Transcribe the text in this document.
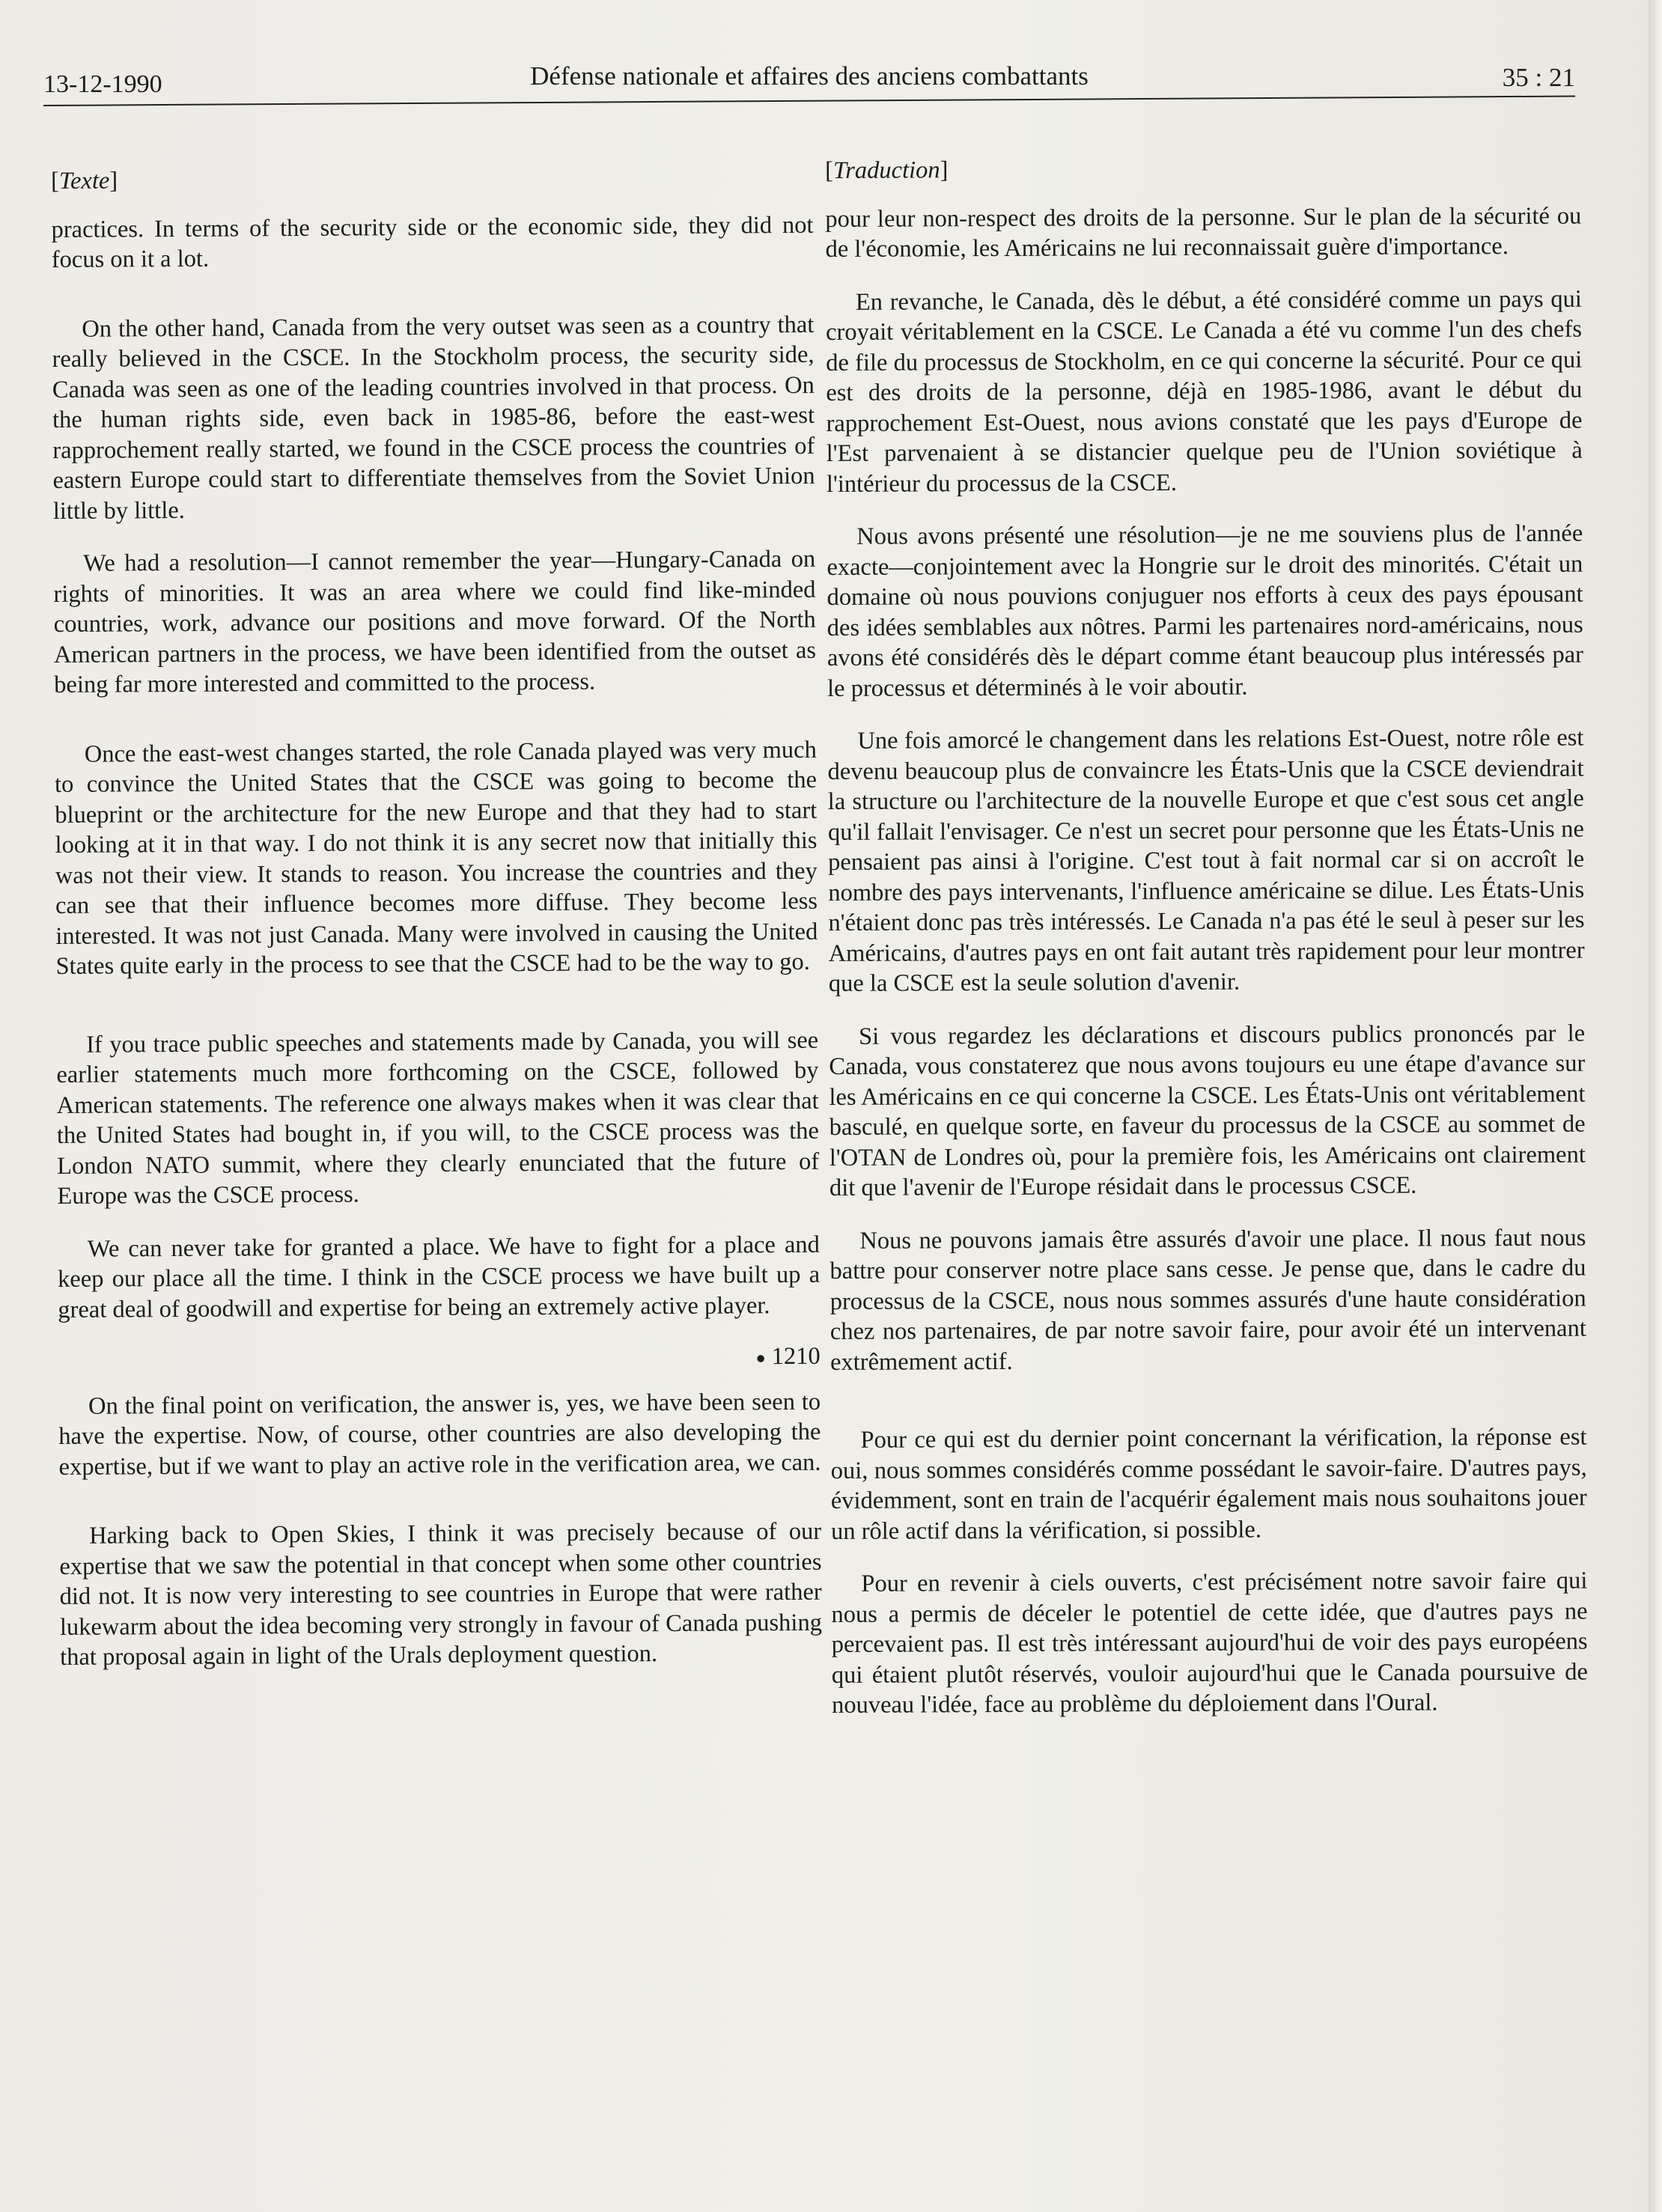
13-12-1990	Défense nationale et affaires des anciens combattants	35 : 21
[Texte]

practices. In terms of the security side or the economic side, they did not focus on it a lot.

On the other hand, Canada from the very outset was seen as a country that really believed in the CSCE. In the Stockholm process, the security side, Canada was seen as one of the leading countries involved in that process. On the human rights side, even back in 1985-86, before the east-west rapprochement really started, we found in the CSCE process the countries of eastern Europe could start to differentiate themselves from the Soviet Union little by little.

We had a resolution—I cannot remember the year—Hungary-Canada on rights of minorities. It was an area where we could find like-minded countries, work, advance our positions and move forward. Of the North American partners in the process, we have been identified from the outset as being far more interested and committed to the process.

Once the east-west changes started, the role Canada played was very much to convince the United States that the CSCE was going to become the blueprint or the architecture for the new Europe and that they had to start looking at it in that way. I do not think it is any secret now that initially this was not their view. It stands to reason. You increase the countries and they can see that their influence becomes more diffuse. They become less interested. It was not just Canada. Many were involved in causing the United States quite early in the process to see that the CSCE had to be the way to go.

If you trace public speeches and statements made by Canada, you will see earlier statements much more forthcoming on the CSCE, followed by American statements. The reference one always makes when it was clear that the United States had bought in, if you will, to the CSCE process was the London NATO summit, where they clearly enunciated that the future of Europe was the CSCE process.

We can never take for granted a place. We have to fight for a place and keep our place all the time. I think in the CSCE process we have built up a great deal of goodwill and expertise for being an extremely active player.

● 1210

On the final point on verification, the answer is, yes, we have been seen to have the expertise. Now, of course, other countries are also developing the expertise, but if we want to play an active role in the verification area, we can.

Harking back to Open Skies, I think it was precisely because of our expertise that we saw the potential in that concept when some other countries did not. It is now very interesting to see countries in Europe that were rather lukewarm about the idea becoming very strongly in favour of Canada pushing that proposal again in light of the Urals deployment question.

[Traduction]

pour leur non-respect des droits de la personne. Sur le plan de la sécurité ou de l'économie, les Américains ne lui reconnaissait guère d'importance.

En revanche, le Canada, dès le début, a été considéré comme un pays qui croyait véritablement en la CSCE. Le Canada a été vu comme l'un des chefs de file du processus de Stockholm, en ce qui concerne la sécurité. Pour ce qui est des droits de la personne, déjà en 1985-1986, avant le début du rapprochement Est-Ouest, nous avions constaté que les pays d'Europe de l'Est parvenaient à se distancier quelque peu de l'Union soviétique à l'intérieur du processus de la CSCE.

Nous avons présenté une résolution—je ne me souviens plus de l'année exacte—conjointement avec la Hongrie sur le droit des minorités. C'était un domaine où nous pouvions conjuguer nos efforts à ceux des pays épousant des idées semblables aux nôtres. Parmi les partenaires nord-américains, nous avons été considérés dès le départ comme étant beaucoup plus intéressés par le processus et déterminés à le voir aboutir.

Une fois amorcé le changement dans les relations Est-Ouest, notre rôle est devenu beaucoup plus de convaincre les États-Unis que la CSCE deviendrait la structure ou l'architecture de la nouvelle Europe et que c'est sous cet angle qu'il fallait l'envisager. Ce n'est un secret pour personne que les États-Unis ne pensaient pas ainsi à l'origine. C'est tout à fait normal car si on accroît le nombre des pays intervenants, l'influence américaine se dilue. Les États-Unis n'étaient donc pas très intéressés. Le Canada n'a pas été le seul à peser sur les Américains, d'autres pays en ont fait autant très rapidement pour leur montrer que la CSCE est la seule solution d'avenir.

Si vous regardez les déclarations et discours publics prononcés par le Canada, vous constaterez que nous avons toujours eu une étape d'avance sur les Américains en ce qui concerne la CSCE. Les États-Unis ont véritablement basculé, en quelque sorte, en faveur du processus de la CSCE au sommet de l'OTAN de Londres où, pour la première fois, les Américains ont clairement dit que l'avenir de l'Europe résidait dans le processus CSCE.

Nous ne pouvons jamais être assurés d'avoir une place. Il nous faut nous battre pour conserver notre place sans cesse. Je pense que, dans le cadre du processus de la CSCE, nous nous sommes assurés d'une haute considération chez nos partenaires, de par notre savoir faire, pour avoir été un intervenant extrêmement actif.

Pour ce qui est du dernier point concernant la vérification, la réponse est oui, nous sommes considérés comme possédant le savoir-faire. D'autres pays, évidemment, sont en train de l'acquérir également mais nous souhaitons jouer un rôle actif dans la vérification, si possible.

Pour en revenir à ciels ouverts, c'est précisément notre savoir faire qui nous a permis de déceler le potentiel de cette idée, que d'autres pays ne percevaient pas. Il est très intéressant aujourd'hui de voir des pays européens qui étaient plutôt réservés, vouloir aujourd'hui que le Canada poursuive de nouveau l'idée, face au problème du déploiement dans l'Oural.
